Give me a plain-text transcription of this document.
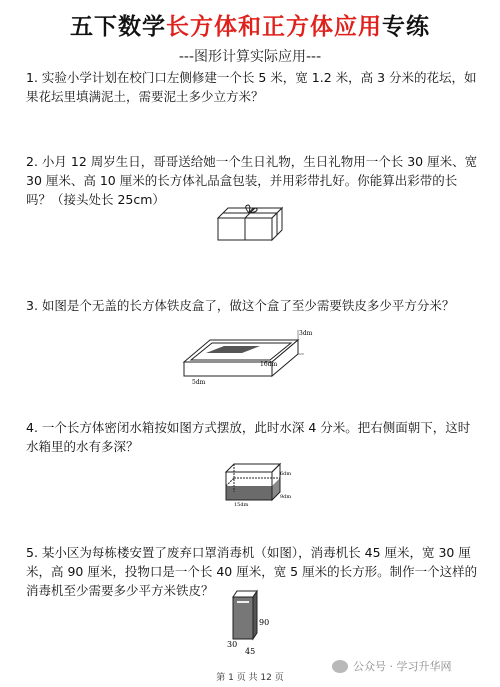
五下数学长方体和正方体应用专练
---图形计算实际应用---
1. 实验小学计划在校门口左侧修建一个长 5 米，宽 1.2 米，高 3 分米的花坛，如果花坛里填满泥土，需要泥土多少立方米？
2. 小月 12 周岁生日，哥哥送给她一个生日礼物，生日礼物用一个长 30 厘米、宽 30 厘米、高 10 厘米的长方体礼品盒包装，并用彩带扎好。你能算出彩带的长吗？（接头处长 25cm）
3. 如图是个无盖的长方体铁皮盒了，做这个盒了至少需要铁皮多少平方分米？
3dm
16dm
5dm
4. 一个长方体密闭水箱按如图方式摆放，此时水深 4 分米。把右侧面朝下，这时水箱里的水有多深？
6dm
9dm
15dm
5. 某小区为每栋楼安置了废弃口罩消毒机（如图），消毒机长 45 厘米，宽 30 厘米，高 90 厘米，投物口是一个长 40 厘米，宽 5 厘米的长方形。制作一个这样的消毒机至少需要多少平方米铁皮？
90
30
45
公众号 · 学习升华网
第 1 页 共 12 页
